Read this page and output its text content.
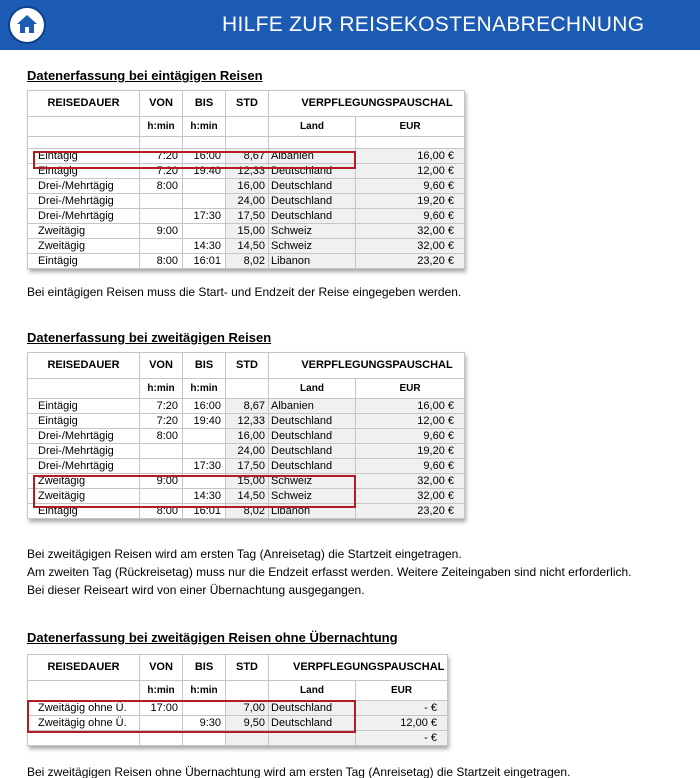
HILFE ZUR REISEKOSTENABRECHNUNG
Datenerfassung bei eintägigen Reisen
REISEDAUER	VON	BIS	STD	VERPFLEGUNGSPAUSCHAL	
	h:min	h:min		Land	EUR

Eintägig	7:20	16:00	8,67	Albanien	16,00 €
Eintägig	7:20	19:40	12,33	Deutschland	12,00 €
Drei-/Mehrtägig	8:00		16,00	Deutschland	9,60 €
Drei-/Mehrtägig			24,00	Deutschland	19,20 €
Drei-/Mehrtägig		17:30	17,50	Deutschland	9,60 €
Zweitägig	9:00		15,00	Schweiz	32,00 €
Zweitägig		14:30	14,50	Schweiz	32,00 €
Eintägig	8:00	16:01	8,02	Libanon	23,20 €
Bei eintägigen Reisen muss die Start- und Endzeit der Reise eingegeben werden.
Datenerfassung bei zweitägigen Reisen
REISEDAUER	VON	BIS	STD	VERPFLEGUNGSPAUSCHAL	
	h:min	h:min		Land	EUR
Eintägig	7:20	16:00	8,67	Albanien	16,00 €
Eintägig	7:20	19:40	12,33	Deutschland	12,00 €
Drei-/Mehrtägig	8:00		16,00	Deutschland	9,60 €
Drei-/Mehrtägig			24,00	Deutschland	19,20 €
Drei-/Mehrtägig		17:30	17,50	Deutschland	9,60 €
Zweitägig	9:00		15,00	Schweiz	32,00 €
Zweitägig		14:30	14,50	Schweiz	32,00 €
Eintägig	8:00	16:01	8,02	Libanon	23,20 €
Bei zweitägigen Reisen wird am ersten Tag (Anreisetag) die Startzeit eingetragen.
Am zweiten Tag (Rückreisetag) muss nur die Endzeit erfasst werden. Weitere Zeiteingaben sind nicht erforderlich.
Bei dieser Reiseart wird von einer Übernachtung ausgegangen.
Datenerfassung bei zweitägigen Reisen ohne Übernachtung
REISEDAUER	VON	BIS	STD	VERPFLEGUNGSPAUSCHAL	
	h:min	h:min		Land	EUR
Zweitägig ohne Ü.	17:00		7,00	Deutschland	- €
Zweitägig ohne Ü.		9:30	9,50	Deutschland	12,00 €
					- €
Bei zweitägigen Reisen ohne Übernachtung wird am ersten Tag (Anreisetag) die Startzeit eingetragen.
